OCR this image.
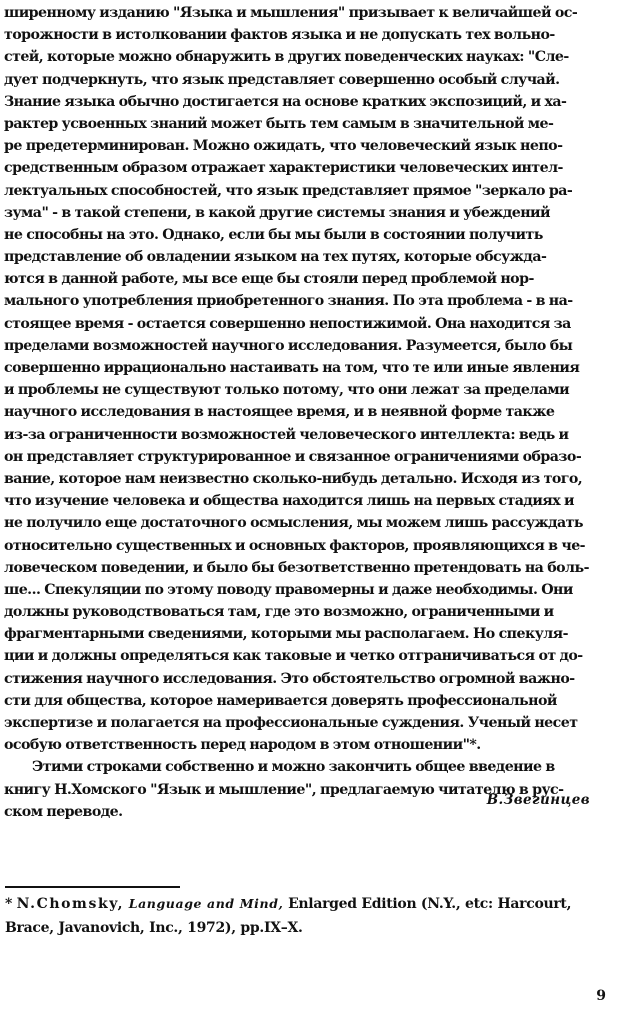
ширенному изданию "Языка и мышления" призывает к величайшей ос-
торожности в истолковании фактов языка и не допускать тех вольно-
стей, которые можно обнаружить в других поведенческих науках: "Сле-
дует подчеркнуть, что язык представляет совершенно особый случай.
Знание языка обычно достигается на основе кратких экспозиций, и ха-
рактер усвоенных знаний может быть тем самым в значительной ме-
ре предетерминирован. Можно ожидать, что человеческий язык непо-
средственным образом отражает характеристики человеческих интел-
лектуальных способностей, что язык представляет прямое "зеркало ра-
зума" - в такой степени, в какой другие системы знания и убеждений
не способны на это. Однако, если бы мы были в состоянии получить
представление об овладении языком на тех путях, которые обсужда-
ются в данной работе, мы все еще бы стояли перед проблемой нор-
мального употребления приобретенного знания. По эта проблема - в на-
стоящее время - остается совершенно непостижимой. Она находится за
пределами возможностей научного исследования. Разумеется, было бы
совершенно иррационально настаивать на том, что те или иные явления
и проблемы не существуют только потому, что они лежат за пределами
научного исследования в настоящее время, и в неявной форме также
из-за ограниченности возможностей человеческого интеллекта: ведь и
он представляет структурированное и связанное ограничениями образо-
вание, которое нам неизвестно сколько-нибудь детально. Исходя из того,
что изучение человека и общества находится лишь на первых стадиях и
не получило еще достаточного осмысления, мы можем лишь рассуждать
относительно существенных и основных факторов, проявляющихся в че-
ловеческом поведении, и было бы безответственно претендовать на боль-
ше... Спекуляции по этому поводу правомерны и даже необходимы. Они
должны руководствоваться там, где это возможно, ограниченными и
фрагментарными сведениями, которыми мы располагаем. Но спекуля-
ции и должны определяться как таковые и четко отграничиваться от до-
стижения научного исследования. Это обстоятельство огромной важно-
сти для общества, которое намеривается доверять профессиональной
экспертизе и полагается на профессиональные суждения. Ученый несет
особую ответственность перед народом в этом отношении"*.
Этими строками собственно и можно закончить общее введение в
книгу Н.Хомского "Язык и мышление", предлагаемую читателю в рус-
ском переводе.
В.Звегинцев
* N.Chomsky, Language and Mind, Enlarged Edition (N.Y., etc: Harcourt,
Brace, Javanovich, Inc., 1972), pp.IX–X.
9
